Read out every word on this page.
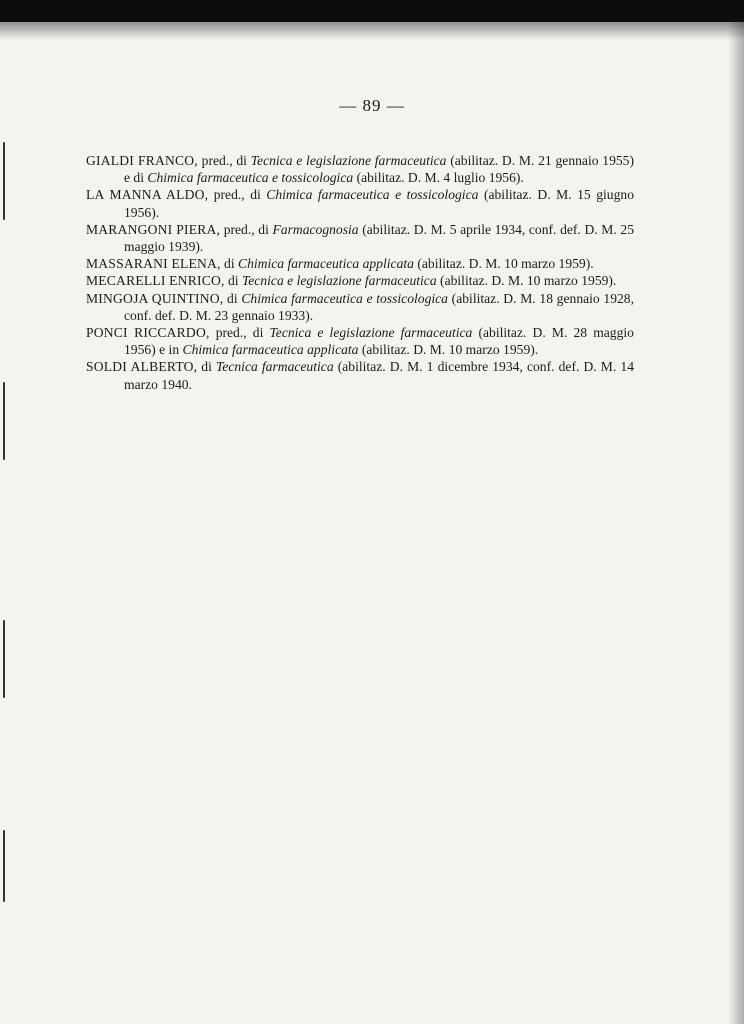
— 89 —

GIALDI FRANCO, pred., di Tecnica e legislazione farmaceutica (abilitaz. D. M. 21 gennaio 1955) e di Chimica farmaceutica e tossicologica (abilitaz. D. M. 4 luglio 1956).

LA MANNA ALDO, pred., di Chimica farmaceutica e tossicologica (abilitaz. D. M. 15 giugno 1956).

MARANGONI PIERA, pred., di Farmacognosia (abilitaz. D. M. 5 aprile 1934, conf. def. D. M. 25 maggio 1939).

MASSARANI ELENA, di Chimica farmaceutica applicata (abilitaz. D. M. 10 marzo 1959).

MECARELLI ENRICO, di Tecnica e legislazione farmaceutica (abilitaz. D. M. 10 marzo 1959).

MINGOJA QUINTINO, di Chimica farmaceutica e tossicologica (abilitaz. D. M. 18 gennaio 1928, conf. def. D. M. 23 gennaio 1933).

PONCI RICCARDO, pred., di Tecnica e legislazione farmaceutica (abilitaz. D. M. 28 maggio 1956) e in Chimica farmaceutica applicata (abilitaz. D. M. 10 marzo 1959).

SOLDI ALBERTO, di Tecnica farmaceutica (abilitaz. D. M. 1 dicembre 1934, conf. def. D. M. 14 marzo 1940.
